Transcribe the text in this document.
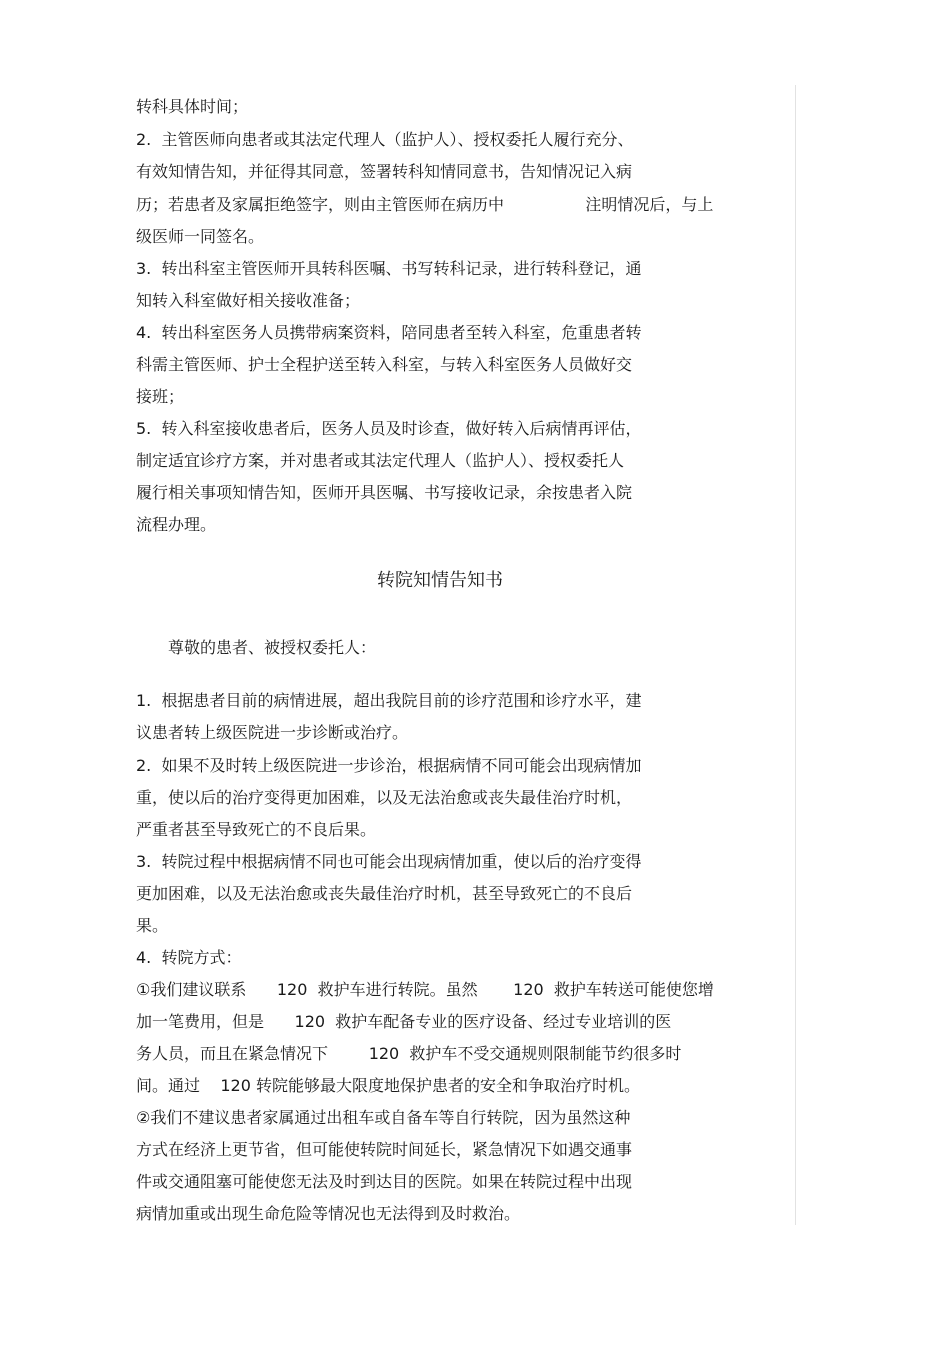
转科具体时间；
2.  主管医师向患者或其法定代理人（监护人）、授权委托人履行充分、
有效知情告知，并征得其同意，签署转科知情同意书，告知情况记入病
历；若患者及家属拒绝签字，则由主管医师在病历中                注明情况后，与上
级医师一同签名。
3.  转出科室主管医师开具转科医嘱、书写转科记录，进行转科登记，通
知转入科室做好相关接收准备；
4.  转出科室医务人员携带病案资料，陪同患者至转入科室，危重患者转
科需主管医师、护士全程护送至转入科室，与转入科室医务人员做好交
接班；
5.  转入科室接收患者后，医务人员及时诊查，做好转入后病情再评估，
制定适宜诊疗方案，并对患者或其法定代理人（监护人）、授权委托人
履行相关事项知情告知，医师开具医嘱、书写接收记录，余按患者入院
流程办理。
转院知情告知书
尊敬的患者、被授权委托人：
1.  根据患者目前的病情进展，超出我院目前的诊疗范围和诊疗水平，建
议患者转上级医院进一步诊断或治疗。
2.  如果不及时转上级医院进一步诊治，根据病情不同可能会出现病情加
重，使以后的治疗变得更加困难，以及无法治愈或丧失最佳治疗时机，
严重者甚至导致死亡的不良后果。
3.  转院过程中根据病情不同也可能会出现病情加重，使以后的治疗变得
更加困难，以及无法治愈或丧失最佳治疗时机，甚至导致死亡的不良后
果。
4.  转院方式：
①我们建议联系      120  救护车进行转院。虽然       120  救护车转送可能使您增
加一笔费用，但是      120  救护车配备专业的医疗设备、经过专业培训的医
务人员，而且在紧急情况下        120  救护车不受交通规则限制能节约很多时
间。通过    120 转院能够最大限度地保护患者的安全和争取治疗时机。
②我们不建议患者家属通过出租车或自备车等自行转院，因为虽然这种
方式在经济上更节省，但可能使转院时间延长，紧急情况下如遇交通事
件或交通阻塞可能使您无法及时到达目的医院。如果在转院过程中出现
病情加重或出现生命危险等情况也无法得到及时救治。
